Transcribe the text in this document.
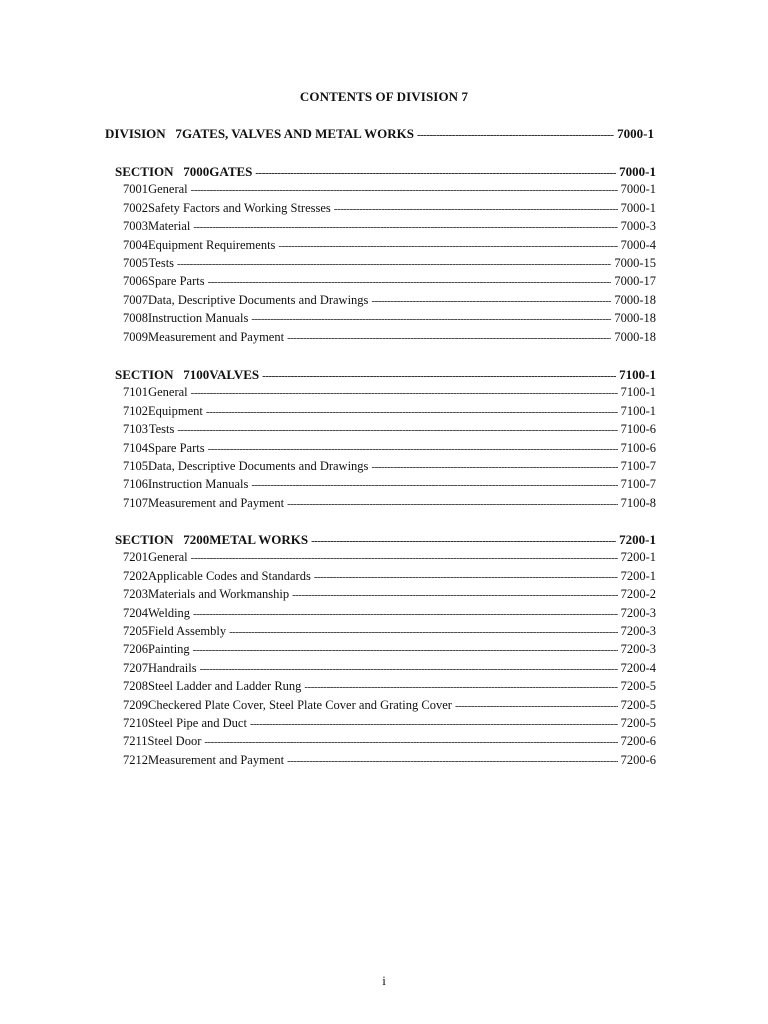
CONTENTS OF DIVISION 7
DIVISION   7 GATES, VALVES AND METAL WORKS -----	7000-1
SECTION   7000 GATES -----	7000-1
7001 General -----	7000-1
7002 Safety Factors and Working Stresses -----	7000-1
7003 Material -----	7000-3
7004 Equipment Requirements -----	7000-4
7005 Tests -----	7000-15
7006 Spare Parts -----	7000-17
7007 Data, Descriptive Documents and Drawings -----	7000-18
7008 Instruction Manuals -----	7000-18
7009 Measurement and Payment -----	7000-18
SECTION   7100 VALVES -----	7100-1
7101 General -----	7100-1
7102 Equipment -----	7100-1
7103 Tests -----	7100-6
7104 Spare Parts -----	7100-6
7105 Data, Descriptive Documents and Drawings -----	7100-7
7106 Instruction Manuals -----	7100-7
7107 Measurement and Payment -----	7100-8
SECTION   7200 METAL WORKS -----	7200-1
7201 General -----	7200-1
7202 Applicable Codes and Standards -----	7200-1
7203 Materials and Workmanship -----	7200-2
7204 Welding -----	7200-3
7205 Field Assembly -----	7200-3
7206 Painting -----	7200-3
7207 Handrails -----	7200-4
7208 Steel Ladder and Ladder Rung -----	7200-5
7209 Checkered Plate Cover, Steel Plate Cover and Grating Cover -----	7200-5
7210 Steel Pipe and Duct -----	7200-5
7211 Steel Door -----	7200-6
7212 Measurement and Payment -----	7200-6
i
